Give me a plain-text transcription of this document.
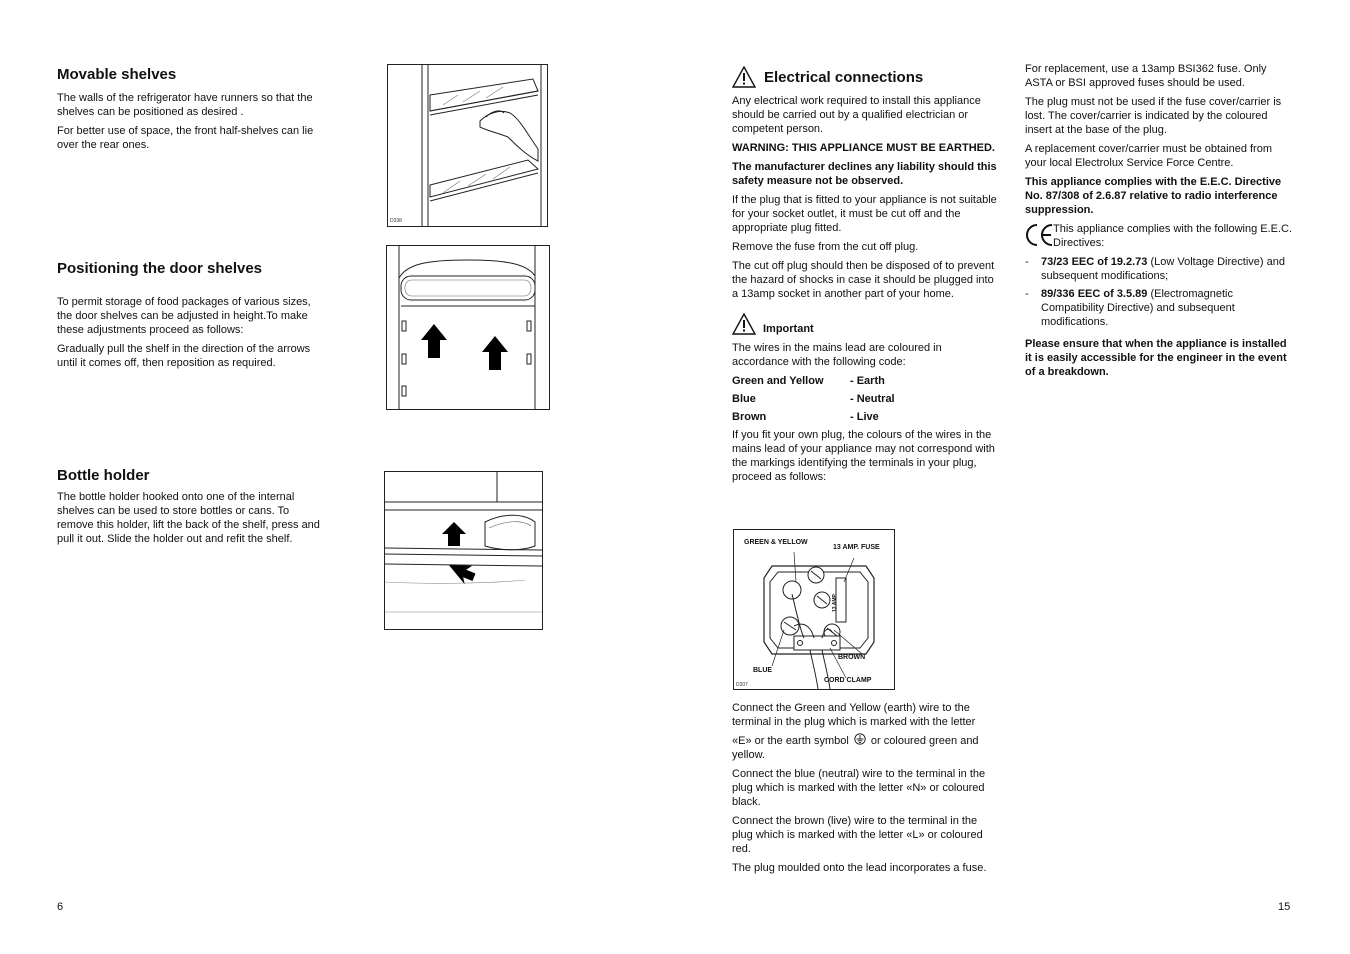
Movable shelves

The walls of the refrigerator have runners so that the shelves can be positioned as desired .

For better use of space, the front half-shelves can lie over the rear ones.

D338
Positioning the door shelves

To permit storage of food packages of various sizes, the door shelves can be adjusted in height.To make these adjustments proceed as follows:

Gradually pull the shelf in the direction of the arrows until it comes off, then reposition as required.

Bottle holder

The bottle holder hooked onto one of the internal shelves can be used to store bottles or cans. To remove this holder, lift the back of the shelf, press and pull it out. Slide the holder out and refit the shelf.

6
Electrical connections

Any electrical work required to install this appliance should be carried out by a qualified electrician or competent person.

WARNING: THIS APPLIANCE MUST BE EARTHED.

The manufacturer declines any liability should this safety measure not be observed.

If the plug that is fitted to your appliance is not suitable for your socket outlet, it must be cut off and the appropriate plug fitted.

Remove the fuse from the cut off plug.

The cut off plug should then be disposed of to prevent the hazard of shocks in case it should be plugged into a 13amp socket in another part of your home.

Important

The wires in the mains lead are coloured in accordance with the following code:

Green and Yellow	- Earth
Blue	- Neutral
Brown	- Live

If you fit your own plug, the colours of the wires in the mains lead of your appliance may not correspond with the markings identifying the terminals in your plug, proceed as follows:

GREEN & YELLOW
13 AMP. FUSE
13 AMP
BROWN
BLUE
CORD CLAMP
D207

Connect the Green and Yellow (earth) wire to the terminal in the plug which is marked with the letter

«E» or the earth symbol or coloured green and yellow.

Connect the blue (neutral) wire to the terminal in the plug which is marked with the letter «N» or coloured black.

Connect the brown (live) wire to the terminal in the plug which is marked with the letter «L» or coloured red.

The plug moulded onto the lead incorporates a fuse.

For replacement, use a 13amp BSI362 fuse. Only ASTA or BSI approved fuses should be used.

The plug must not be used if the fuse cover/carrier is lost. The cover/carrier is indicated by the coloured insert at the base of the plug.

A replacement cover/carrier must be obtained from your local Electrolux Service Force Centre.

This appliance complies with the E.E.C. Directive No. 87/308 of 2.6.87 relative to radio interference suppression.

This appliance complies with the following E.E.C. Directives:

- 73/23 EEC of 19.2.73 (Low Voltage Directive) and subsequent modifications;
- 89/336 EEC of 3.5.89 (Electromagnetic Compatibility Directive) and subsequent modifications.

Please ensure that when the appliance is installed it is easily accessible for the engineer in the event of a breakdown.

15
